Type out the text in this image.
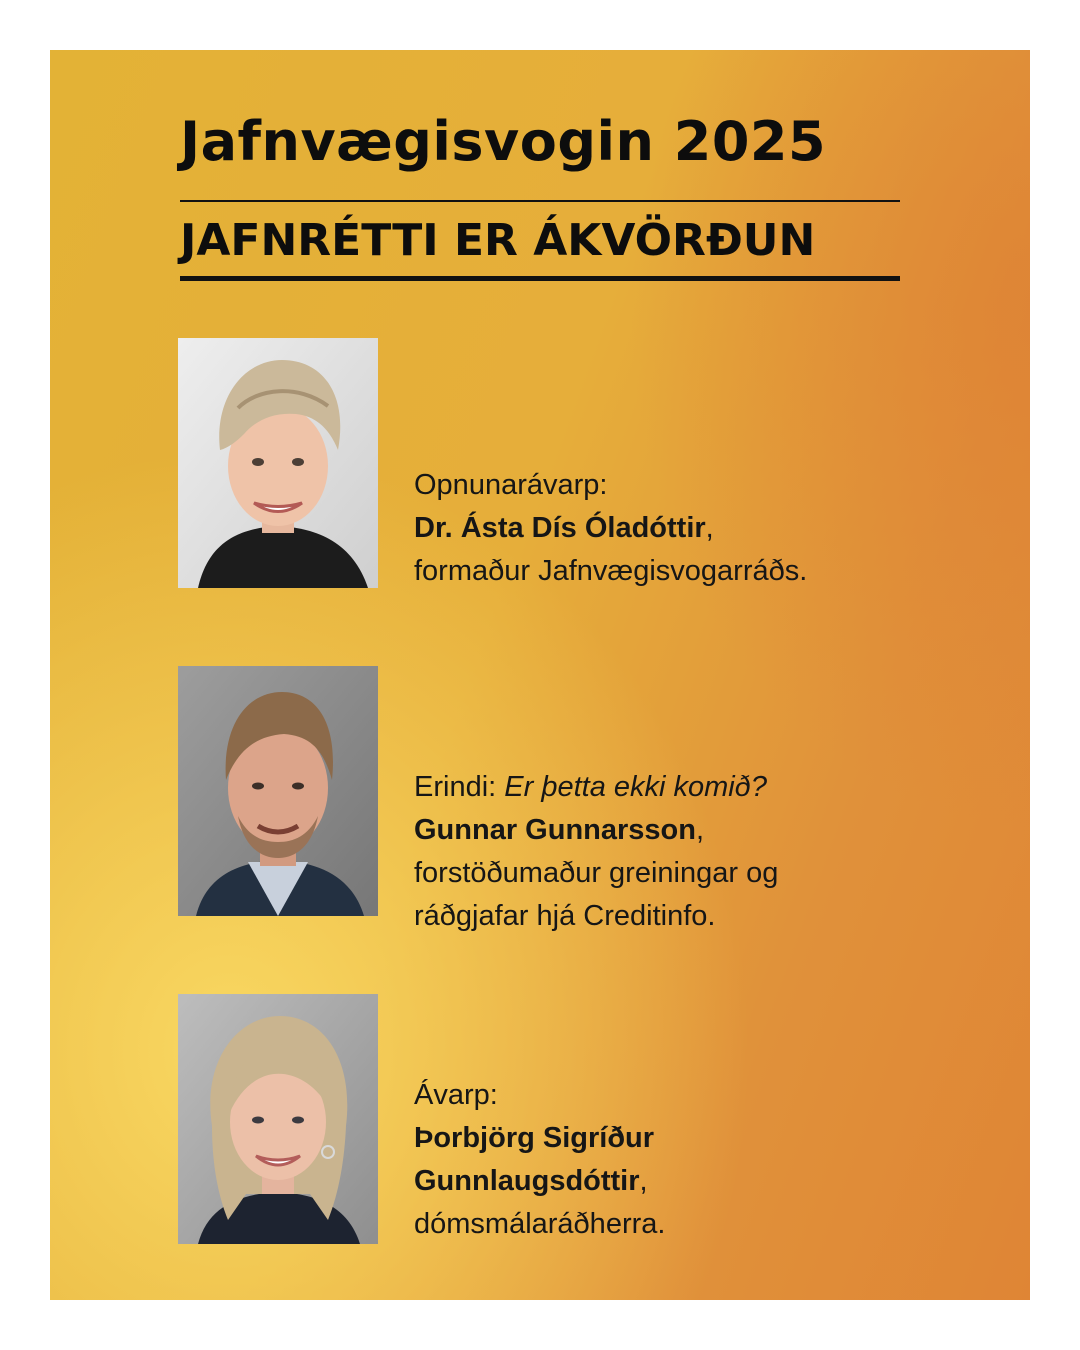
Jafnvægisvogin 2025
JAFNRÉTTI ER ÁKVÖRÐUN
Opnunarávarp:
Dr. Ásta Dís Óladóttir,
formaður Jafnvægisvogarráðs.
Erindi: Er þetta ekki komið?
Gunnar Gunnarsson,
forstöðumaður greiningar og
ráðgjafar hjá Creditinfo.
Ávarp:
Þorbjörg Sigríður
Gunnlaugsdóttir,
dómsmálaráðherra.
